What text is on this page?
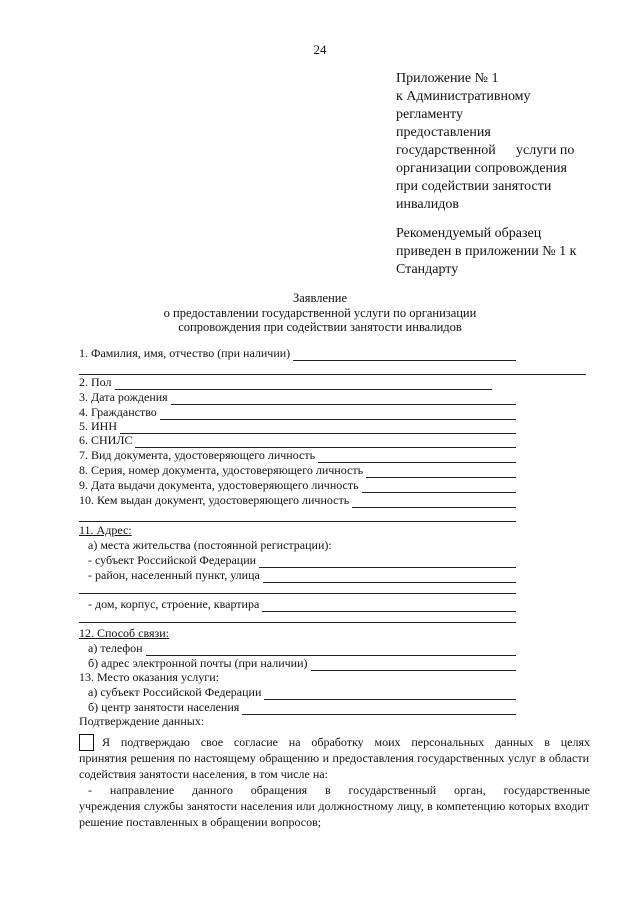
24
Приложение № 1
к Административному
регламенту
предоставления
государственной услуги по
организации сопровождения
при содействии занятости
инвалидов
Рекомендуемый образец
приведен в приложении № 1 к
Стандарту
Заявление
о предоставлении государственной услуги по организации
сопровождения при содействии занятости инвалидов
1. Фамилия, имя, отчество (при наличии)
2. Пол
3. Дата рождения
4. Гражданство
5. ИНН
6. СНИЛС
7. Вид документа, удостоверяющего личность
8. Серия, номер документа, удостоверяющего личность
9. Дата выдачи документа, удостоверяющего личность
10. Кем выдан документ, удостоверяющего личность
11. Адрес:
а) места жительства (постоянной регистрации):
- субъект Российской Федерации
- район, населенный пункт, улица
- дом, корпус, строение, квартира
12. Способ связи:
а) телефон
б) адрес электронной почты (при наличии)
13. Место оказания услуги:
а) субъект Российской Федерации
б) центр занятости населения
Подтверждение данных:
Я подтверждаю свое согласие на обработку моих персональных данных в целях
принятия решения по настоящему обращению и предоставления государственных услуг в области содействия занятости населения, в том числе на:
- направление данного обращения в государственный орган, государственные
учреждения службы занятости населения или должностному лицу, в компетенцию которых входит решение поставленных в обращении вопросов;
